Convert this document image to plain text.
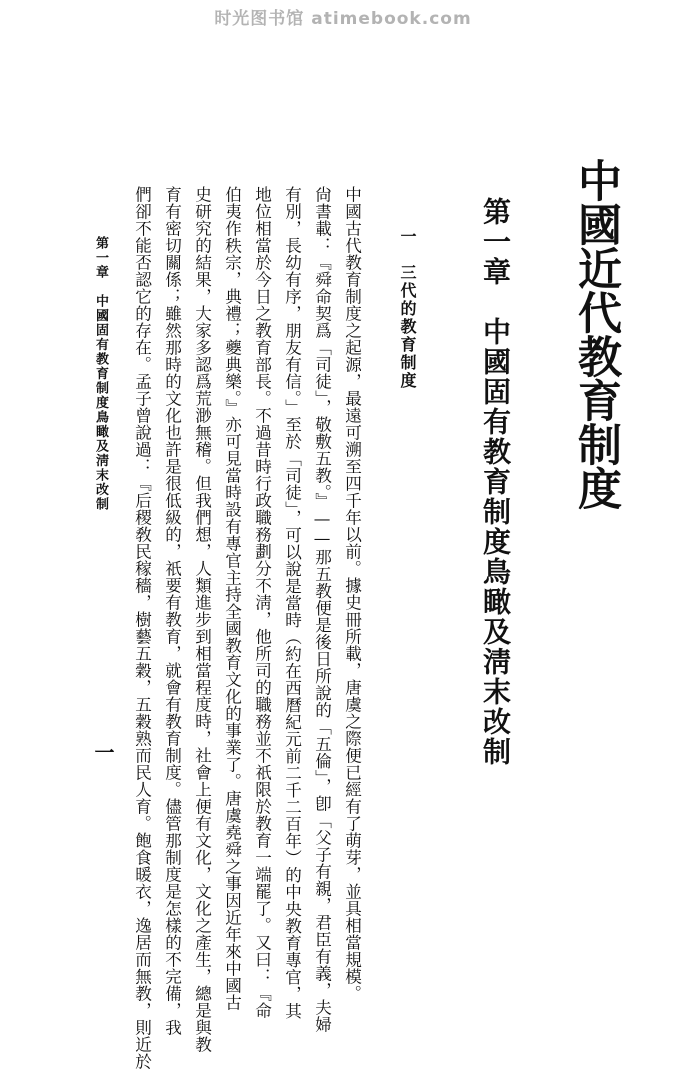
时光图书馆 atimebook.com
中國近代教育制度
第一章　中國固有教育制度鳥瞰及淸末改制
一　三代的教育制度
中國古代教育制度之起源，最遠可溯至四千年以前。據史冊所載，唐虞之際便已經有了萌芽，並具相當規模。
尙書載：『舜命契爲「司徒」，敬敷五教。』——那五教便是後日所說的「五倫」，卽「父子有親，君臣有義，夫婦
有別，長幼有序，朋友有信。」至於「司徒」，可以說是當時（約在西曆紀元前二千二百年）的中央教育專官，其
地位相當於今日之教育部長。不過昔時行政職務劃分不淸，他所司的職務並不祇限於教育一端罷了。又曰：『命
伯夷作秩宗，典禮；夔典樂。』亦可見當時設有專官主持全國教育文化的事業了。唐虞堯舜之事因近年來中國古
史研究的結果，大家多認爲荒渺無稽。但我們想，人類進步到相當程度時，社會上便有文化，文化之產生，總是與教
育有密切關係；雖然那時的文化也許是很低級的，祇要有教育，就會有教育制度。儘管那制度是怎樣的不完備，我
們卻不能否認它的存在。孟子曾說過：『后稷敎民稼穡，樹藝五穀，五穀熟而民人育。飽食暖衣，逸居而無教，則近於
第一章　中國固有教育制度鳥瞰及淸末改制
一
